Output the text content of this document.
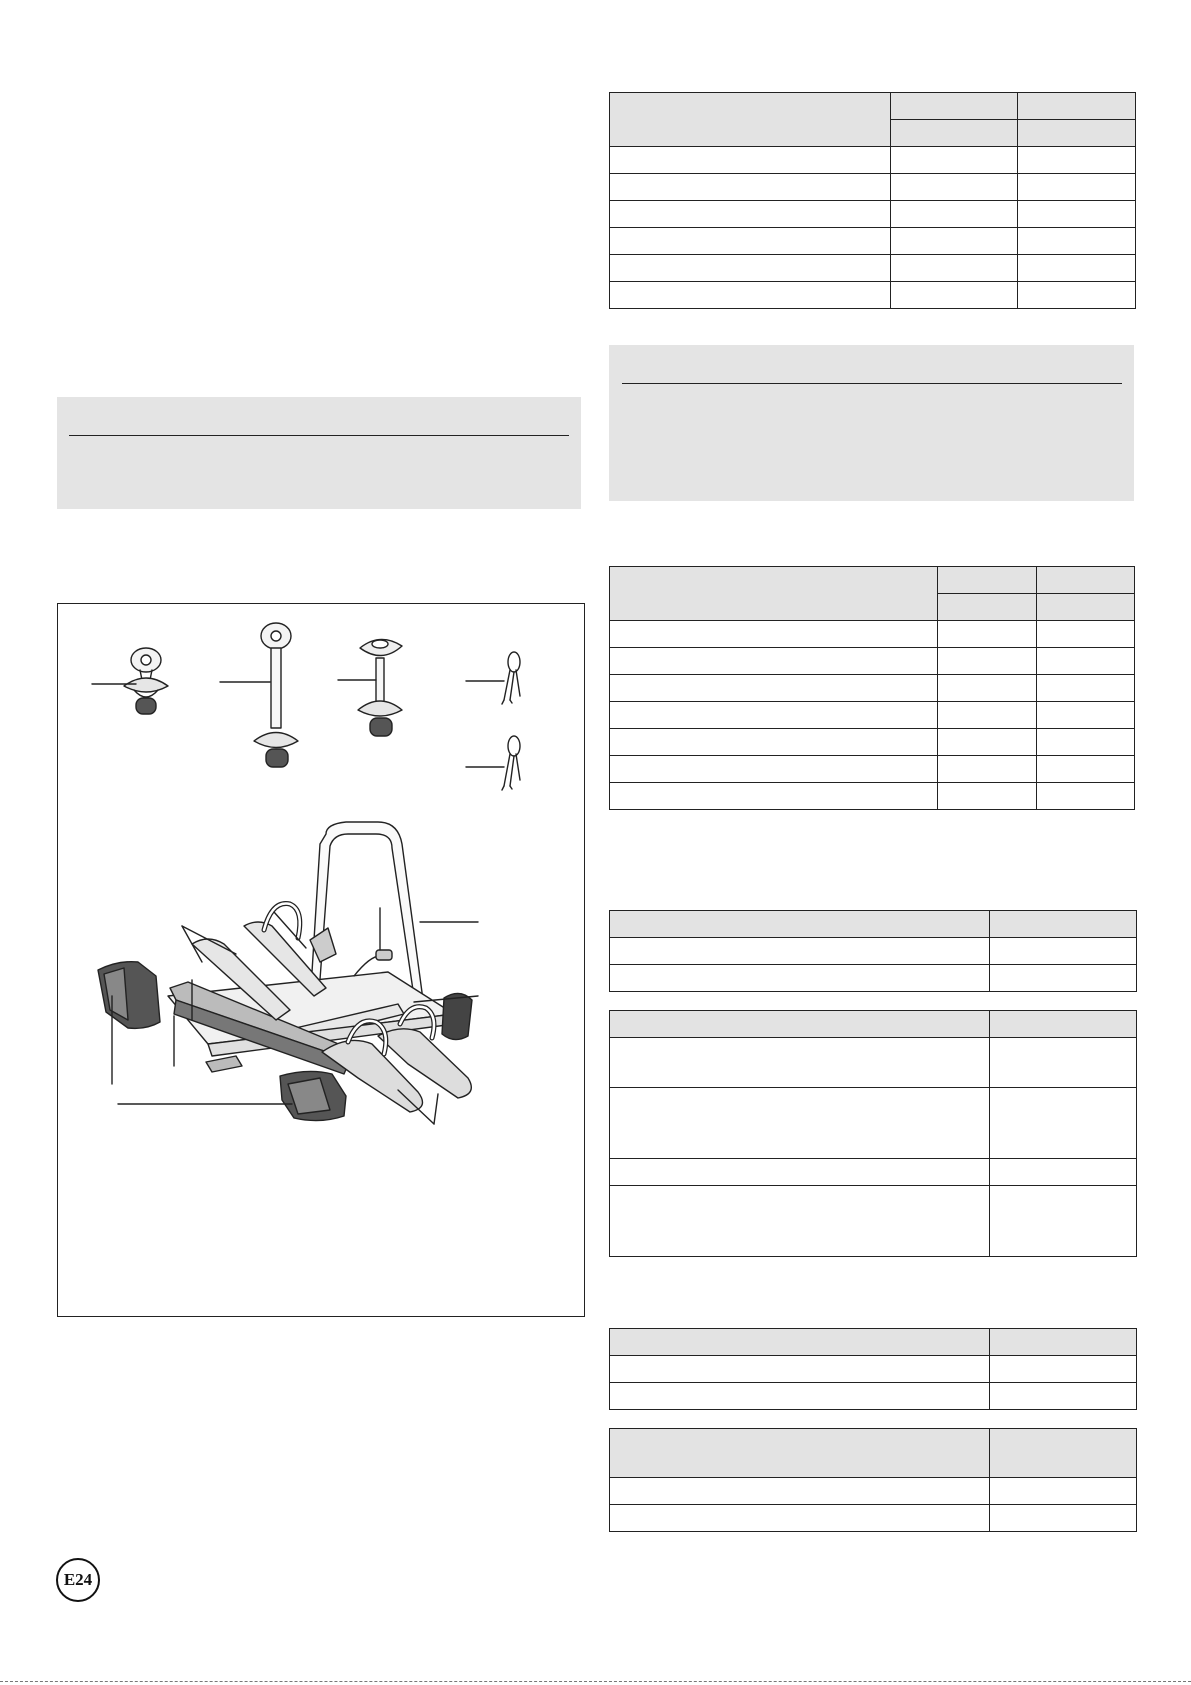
E24
